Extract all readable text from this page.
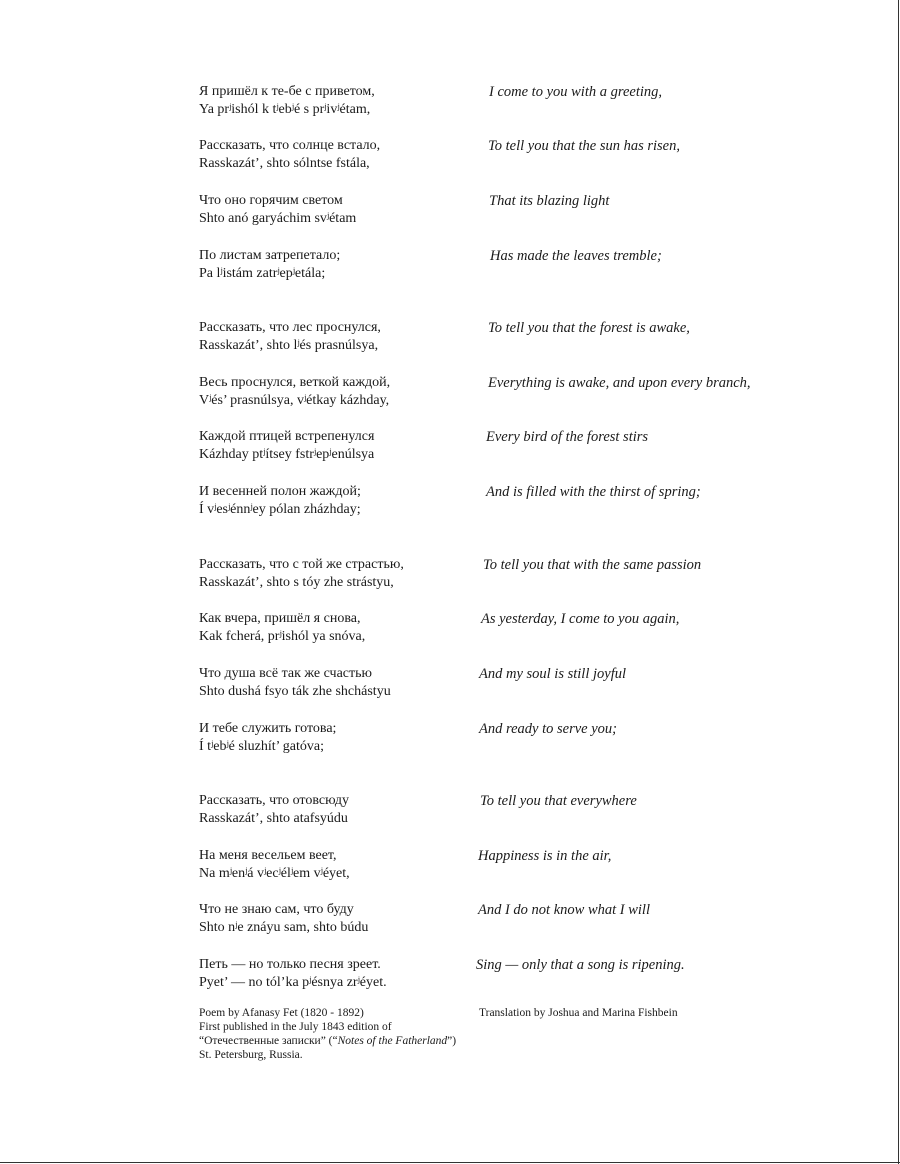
Я пришёл к те-бе с приветом,
Ya prʲishól k tʲebʲé s prʲivʲétam,
I come to you with a greeting,
Рассказать, что солнце встало,
Rasskazát’, shto sólntse fstála,
To tell you that the sun has risen,
Что оно горячим светом
Shto anó garyáchim svʲétam
That its blazing light
По листам затрепетало;
Pa lʲistám zatrʲepʲetála;
Has made the leaves tremble;
Рассказать, что лес проснулся,
Rasskazát’, shto lʲés prasnúlsya,
To tell you that the forest is awake,
Весь проснулся, веткой каждой,
Vʲés’ prasnúlsya, vʲétkay kázhday,
Everything is awake, and upon every branch,
Каждой птицей встрепенулся
Kázhday ptʲítsey fstrʲepʲenúlsya
Every bird of the forest stirs
И весенней полон жаждой;
Í vʲesʲénnʲey pólan zházhday;
And is filled with the thirst of spring;
Рассказать, что с той же страстью,
Rasskazát’, shto s tóy zhe strástyu,
To tell you that with the same passion
Как вчера, пришёл я снова,
Kak fcherá, prʲishól ya snóva,
As yesterday, I come to you again,
Что душа всё так же счастью
Shto dushá fsyo ták zhe shchástyu
And my soul is still joyful
И тебе служить готова;
Í tʲebʲé sluzhít’ gatóva;
And ready to serve you;
Рассказать, что отовсюду
Rasskazát’, shto atafsyúdu
To tell you that everywhere
На меня весельем веет,
Na mʲenʲá vʲecʲélʲem vʲéyet,
Happiness is in the air,
Что не знаю сам, что буду
Shto nʲe znáyu sam, shto búdu
And I do not know what I will
Петь — но только песня зреет.
Pyet’ — no tól’ka pʲésnya zrʲéyet.
Sing — only that a song is ripening.
Poem by Afanasy Fet (1820 - 1892)
First published in the July 1843 edition of
“Отечественные записки” (“Notes of the Fatherland”)
St. Petersburg, Russia.
Translation by Joshua and Marina Fishbein
